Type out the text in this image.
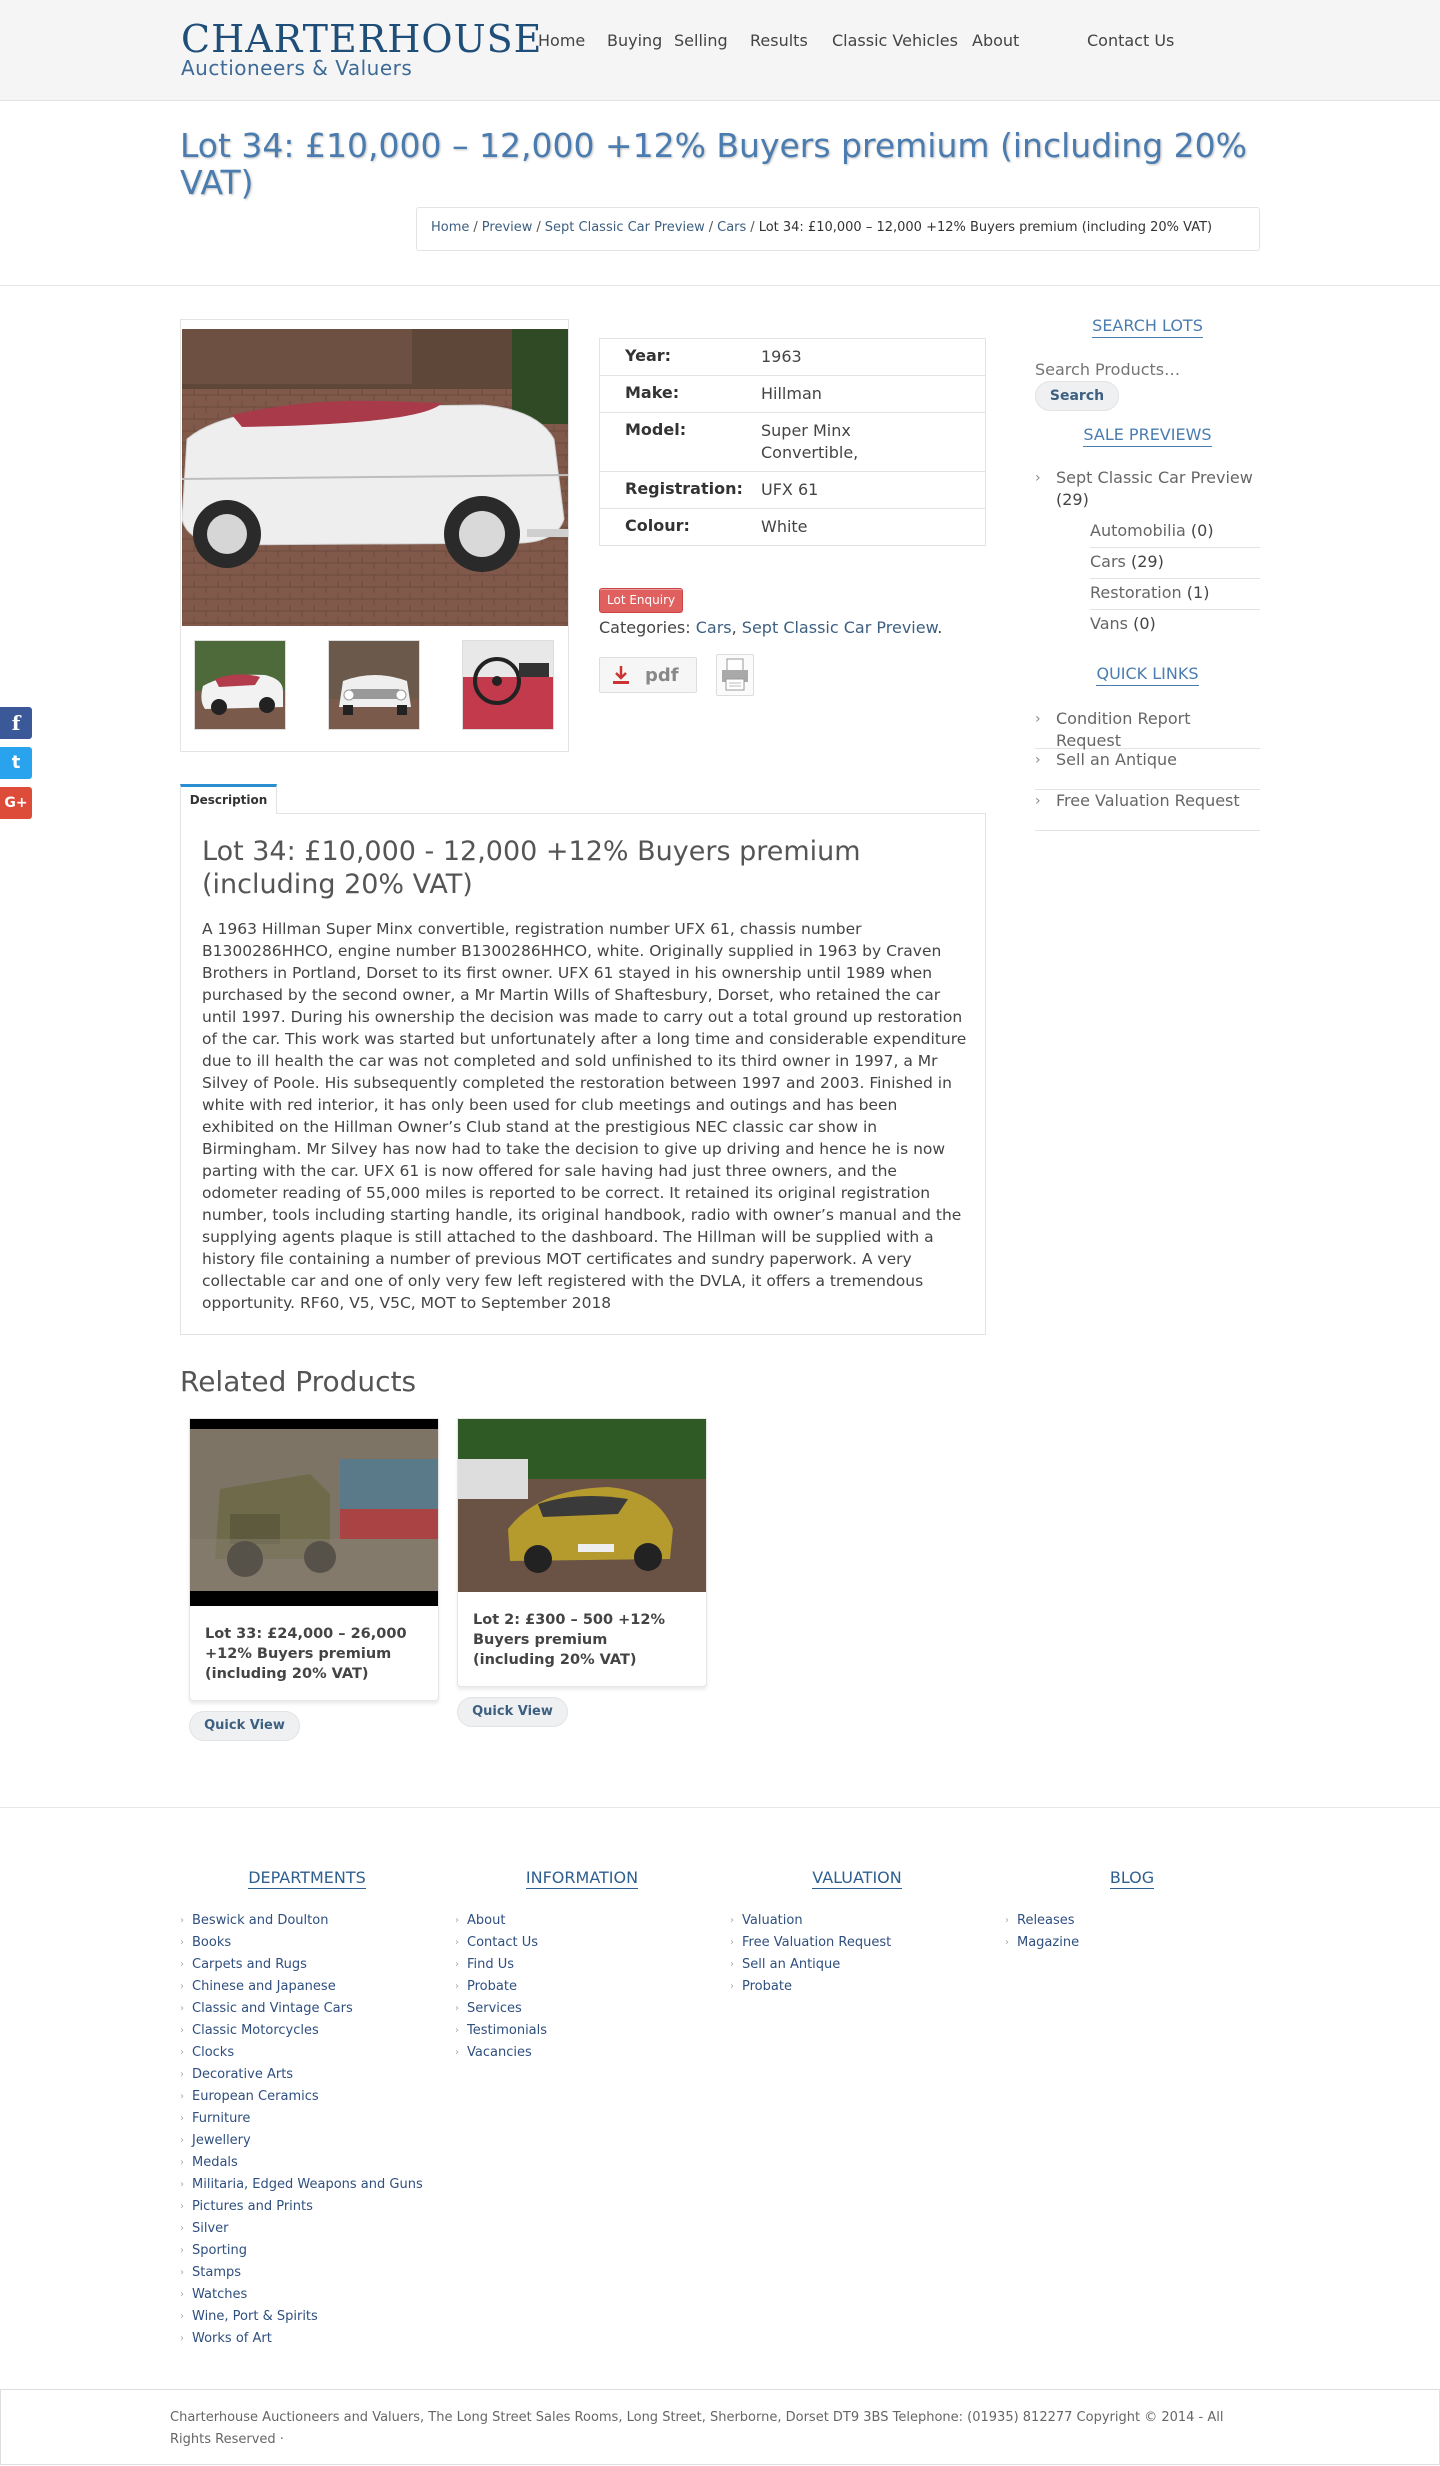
CHARTERHOUSE
Auctioneers & Valuers
Home Buying Selling Results Classic Vehicles About	Contact Us
Lot 34: £10,000 – 12,000 +12% Buyers premium (including 20% VAT)
Home / Preview / Sept Classic Car Preview / Cars / Lot 34: £10,000 – 12,000 +12% Buyers premium (including 20% VAT)
Year:	1963
Make:	Hillman
Model:	Super Minx Convertible,
Registration:	UFX 61
Colour:	White
Lot Enquiry
Categories: Cars, Sept Classic Car Preview.
pdf
f
t
G+
SEARCH LOTS
Search Products…
Search
SALE PREVIEWS
› Sept Classic Car Preview (29)
Automobilia (0)
Cars (29)
Restoration (1)
Vans (0)
QUICK LINKS
› Condition Report Request
› Sell an Antique
› Free Valuation Request
Description
Lot 34: £10,000 - 12,000 +12% Buyers premium (including 20% VAT)

A 1963 Hillman Super Minx convertible, registration number UFX 61, chassis number B1300286HHCO, engine number B1300286HHCO, white. Originally supplied in 1963 by Craven Brothers in Portland, Dorset to its first owner. UFX 61 stayed in his ownership until 1989 when purchased by the second owner, a Mr Martin Wills of Shaftesbury, Dorset, who retained the car until 1997. During his ownership the decision was made to carry out a total ground up restoration of the car. This work was started but unfortunately after a long time and considerable expenditure due to ill health the car was not completed and sold unfinished to its third owner in 1997, a Mr Silvey of Poole. His subsequently completed the restoration between 1997 and 2003. Finished in white with red interior, it has only been used for club meetings and outings and has been exhibited on the Hillman Owner’s Club stand at the prestigious NEC classic car show in Birmingham. Mr Silvey has now had to take the decision to give up driving and hence he is now parting with the car. UFX 61 is now offered for sale having had just three owners, and the odometer reading of 55,000 miles is reported to be correct. It retained its original registration number, tools including starting handle, its original handbook, radio with owner’s manual and the supplying agents plaque is still attached to the dashboard. The Hillman will be supplied with a history file containing a number of previous MOT certificates and sundry paperwork. A very collectable car and one of only very few left registered with the DVLA, it offers a tremendous opportunity. RF60, V5, V5C, MOT to September 2018

Related Products
Lot 33: £24,000 – 26,000 +12% Buyers premium (including 20% VAT)
Quick View
Lot 2: £300 – 500 +12% Buyers premium (including 20% VAT)
Quick View
DEPARTMENTS
› Beswick and Doulton
› Books
› Carpets and Rugs
› Chinese and Japanese
› Classic and Vintage Cars
› Classic Motorcycles
› Clocks
› Decorative Arts
› European Ceramics
› Furniture
› Jewellery
› Medals
› Militaria, Edged Weapons and Guns
› Pictures and Prints
› Silver
› Sporting
› Stamps
› Watches
› Wine, Port & Spirits
› Works of Art
INFORMATION
› About
› Contact Us
› Find Us
› Probate
› Services
› Testimonials
› Vacancies
VALUATION
› Valuation
› Free Valuation Request
› Sell an Antique
› Probate
BLOG
› Releases
› Magazine
Charterhouse Auctioneers and Valuers, The Long Street Sales Rooms, Long Street, Sherborne, Dorset DT9 3BS Telephone: (01935) 812277 Copyright © 2014 - All Rights Reserved ·
